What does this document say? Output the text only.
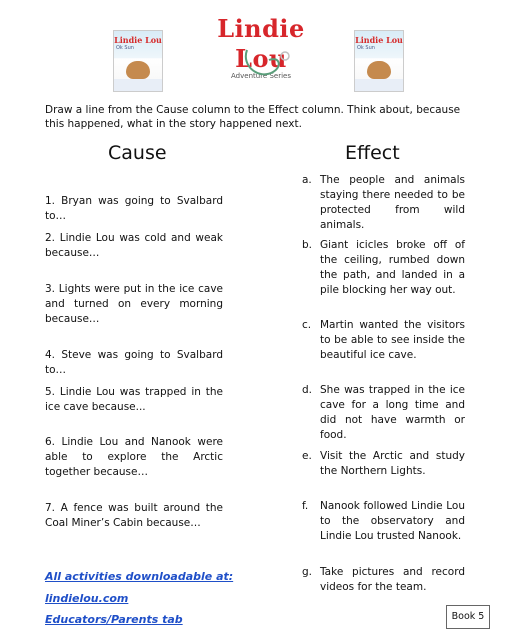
Lindie Lou
Ok Sun
Lindie Lou
Adventure Series
Lindie Lou
Ok Sun
Draw a line from the Cause column to the Effect column. Think about, because this happened, what in the story happened next.
Cause	Effect
1. Bryan was going to Svalbard to…
2. Lindie Lou was cold and weak because…
3. Lights were put in the ice cave and turned on every morning because…
4. Steve was going to Svalbard to…
5. Lindie Lou was trapped in the ice cave because...
6. Lindie Lou and Nanook were able to explore the Arctic together because…
7. A fence was built around the Coal Miner’s Cabin because…
a. The people and animals staying there needed to be protected from wild animals.
b. Giant icicles broke off of the ceiling, rumbed down the path, and landed in a pile blocking her way out.
c. Martin wanted the visitors to be able to see inside the beautiful ice cave.
d. She was trapped in the ice cave for a long time and did not have warmth or food.
e. Visit the Arctic and study the Northern Lights.
f. Nanook followed Lindie Lou to the observatory and Lindie Lou trusted Nanook.
g. Take pictures and record videos for the team.
All activities downloadable at:
lindielou.com
Educators/Parents tab	Book 5
